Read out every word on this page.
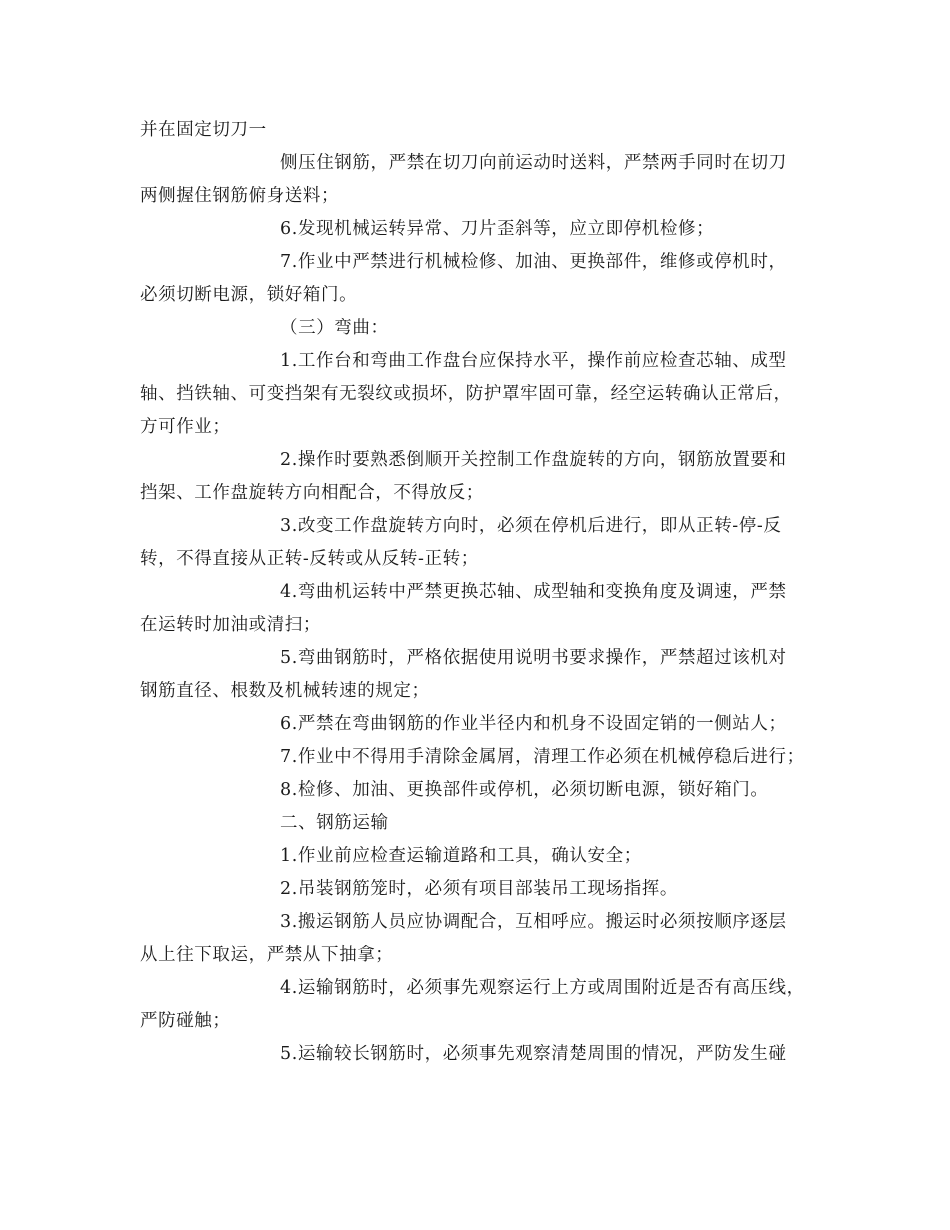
并在固定切刀一
侧压住钢筋，严禁在切刀向前运动时送料，严禁两手同时在切刀
两侧握住钢筋俯身送料；
6.发现机械运转异常、刀片歪斜等，应立即停机检修；
7.作业中严禁进行机械检修、加油、更换部件，维修或停机时，
必须切断电源，锁好箱门。
（三）弯曲：
1.工作台和弯曲工作盘台应保持水平，操作前应检查芯轴、成型
轴、挡铁轴、可变挡架有无裂纹或损坏，防护罩牢固可靠，经空运转确认正常后，
方可作业；
2.操作时要熟悉倒顺开关控制工作盘旋转的方向，钢筋放置要和
挡架、工作盘旋转方向相配合，不得放反；
3.改变工作盘旋转方向时，必须在停机后进行，即从正转-停-反
转，不得直接从正转-反转或从反转-正转；
4.弯曲机运转中严禁更换芯轴、成型轴和变换角度及调速，严禁
在运转时加油或清扫；
5.弯曲钢筋时，严格依据使用说明书要求操作，严禁超过该机对
钢筋直径、根数及机械转速的规定；
6.严禁在弯曲钢筋的作业半径内和机身不设固定销的一侧站人；
7.作业中不得用手清除金属屑，清理工作必须在机械停稳后进行；
8.检修、加油、更换部件或停机，必须切断电源，锁好箱门。
二、钢筋运输
1.作业前应检查运输道路和工具，确认安全；
2.吊装钢筋笼时，必须有项目部装吊工现场指挥。
3.搬运钢筋人员应协调配合，互相呼应。搬运时必须按顺序逐层
从上往下取运，严禁从下抽拿；
4.运输钢筋时，必须事先观察运行上方或周围附近是否有高压线，
严防碰触；
5.运输较长钢筋时，必须事先观察清楚周围的情况，严防发生碰
